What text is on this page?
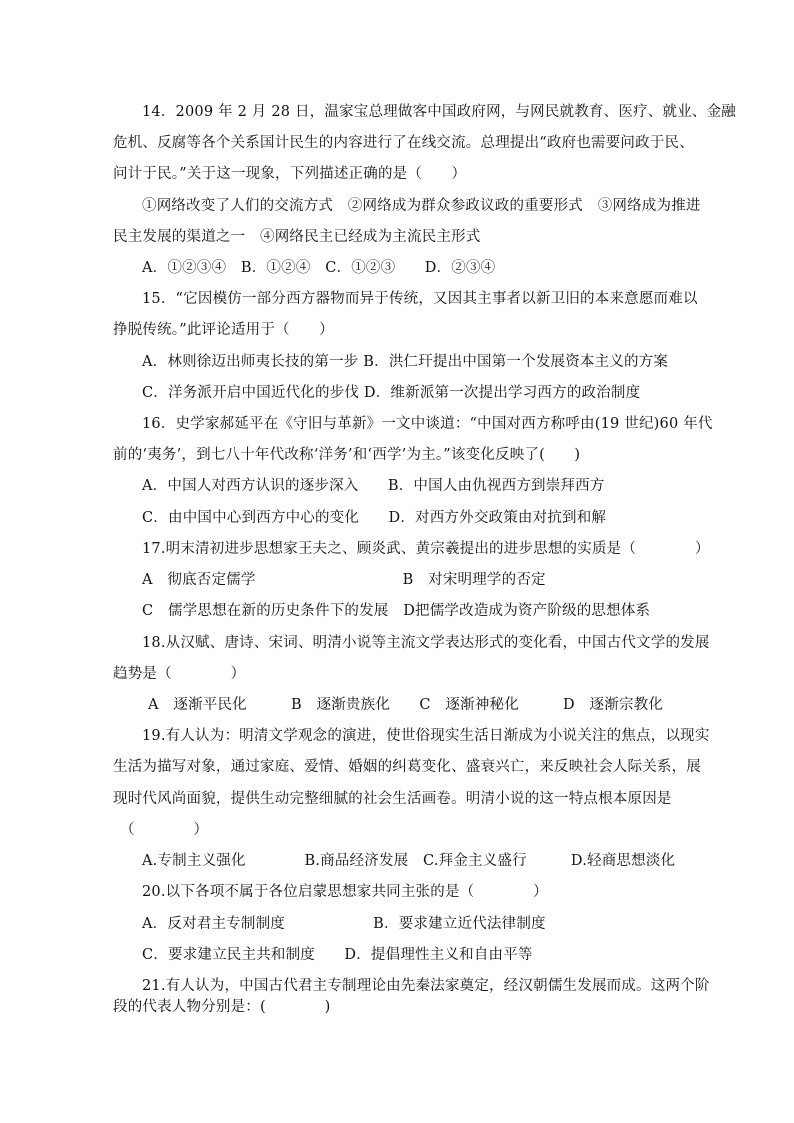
14．2009 年 2 月 28 日，温家宝总理做客中国政府网，与网民就教育、医疗、就业、金融
危机、反腐等各个关系国计民生的内容进行了在线交流。总理提出“政府也需要问政于民、
问计于民。”关于这一现象，下列描述正确的是（　　）
①网络改变了人们的交流方式　②网络成为群众参政议政的重要形式　③网络成为推进
民主发展的渠道之一　④网络民主已经成为主流民主形式
A．①②③④　B．①②④　C．①②③　　D．②③④
15．“它因模仿一部分西方器物而异于传统，又因其主事者以新卫旧的本来意愿而难以
挣脱传统。”此评论适用于（　　）
A．林则徐迈出师夷长技的第一步 B．洪仁玕提出中国第一个发展资本主义的方案
C．洋务派开启中国近代化的步伐 D．维新派第一次提出学习西方的政治制度
16．史学家郝延平在《守旧与革新》一文中谈道：“中国对西方称呼由(19 世纪)60 年代
前的‘夷务’，到七八十年代改称‘洋务’和‘西学’为主。”该变化反映了(　　)
A．中国人对西方认识的逐步深入　　B．中国人由仇视西方到崇拜西方
C．由中国中心到西方中心的变化　　D．对西方外交政策由对抗到和解
17.明末清初进步思想家王夫之、顾炎武、黄宗羲提出的进步思想的实质是（　　　　）
A　彻底否定儒学　　　　　　　　　　B　对宋明理学的否定
C　儒学思想在新的历史条件下的发展　D把儒学改造成为资产阶级的思想体系
18.从汉赋、唐诗、宋词、明清小说等主流文学表达形式的变化看，中国古代文学的发展
趋势是（　　　　）
A　逐渐平民化　　　B　逐渐贵族化　　C　逐渐神秘化　　　D　逐渐宗教化
19.有人认为：明清文学观念的演进，使世俗现实生活日渐成为小说关注的焦点，以现实
生活为描写对象，通过家庭、爱情、婚姻的纠葛变化、盛衰兴亡，来反映社会人际关系，展
现时代风尚面貌，提供生动完整细腻的社会生活画卷。明清小说的这一特点根本原因是
（　　　　）
A.专制主义强化　　　　B.商品经济发展　C.拜金主义盛行　　　D.轻商思想淡化
20.以下各项不属于各位启蒙思想家共同主张的是（　　　　）
A．反对君主专制制度　　　　　　B．要求建立近代法律制度
C．要求建立民主共和制度　　D．提倡理性主义和自由平等
21.有人认为，中国古代君主专制理论由先秦法家奠定，经汉朝儒生发展而成。这两个阶
段的代表人物分别是：(　　　　)
